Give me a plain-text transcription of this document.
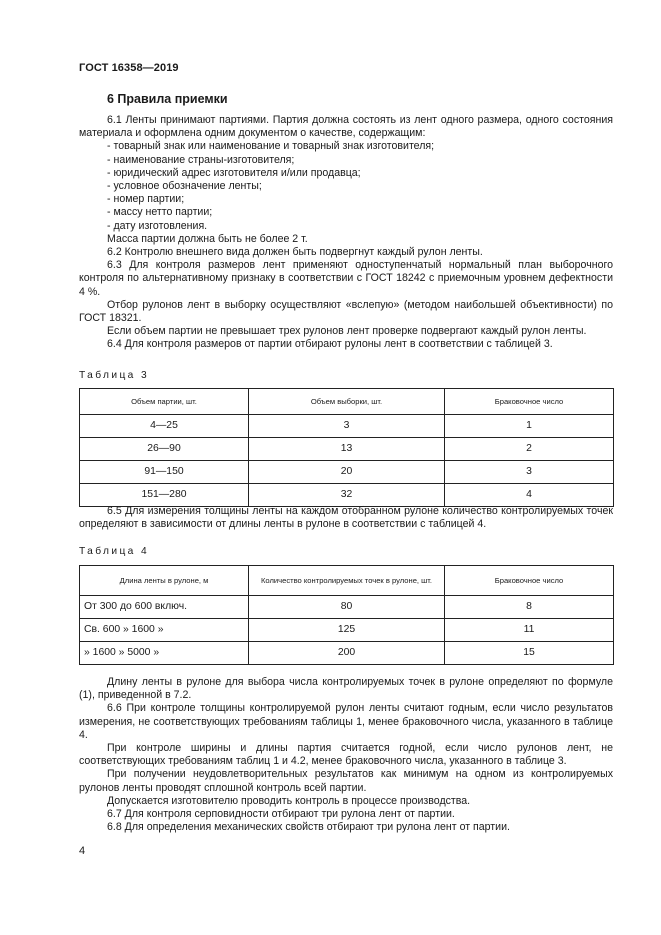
ГОСТ 16358—2019
6 Правила приемки

6.1 Ленты принимают партиями. Партия должна состоять из лент одного размера, одного состояния материала и оформлена одним документом о качестве, содержащим:

- товарный знак или наименование и товарный знак изготовителя;

- наименование страны-изготовителя;

- юридический адрес изготовителя и/или продавца;

- условное обозначение ленты;

- номер партии;

- массу нетто партии;

- дату изготовления.

Масса партии должна быть не более 2 т.

6.2 Контролю внешнего вида должен быть подвергнут каждый рулон ленты.

6.3 Для контроля размеров лент применяют одноступенчатый нормальный план выборочного контроля по альтернативному признаку в соответствии с ГОСТ 18242 с приемочным уровнем дефектности 4 %.

Отбор рулонов лент в выборку осуществляют «вслепую» (методом наибольшей объективности) по ГОСТ 18321.

Если объем партии не превышает трех рулонов лент проверке подвергают каждый рулон ленты.

6.4 Для контроля размеров от партии отбирают рулоны лент в соответствии с таблицей 3.

Таблица 3
Объем партии, шт.	Объем выборки, шт.	Браковочное число
4—25	3	1
26—90	13	2
91—150	20	3
151—280	32	4

6.5 Для измерения толщины ленты на каждом отобранном рулоне количество контролируемых точек определяют в зависимости от длины ленты в рулоне в соответствии с таблицей 4.

Таблица 4
Длина ленты в рулоне, м	Количество контролируемых точек в рулоне, шт.	Браковочное число
От 300 до 600 включ.	80	8
Св. 600 » 1600 »	125	11
» 1600 » 5000 »	200	15

Длину ленты в рулоне для выбора числа контролируемых точек в рулоне определяют по формуле (1), приведенной в 7.2.

6.6 При контроле толщины контролируемой рулон ленты считают годным, если число результатов измерения, не соответствующих требованиям таблицы 1, менее браковочного числа, указанного в таблице 4.

При контроле ширины и длины партия считается годной, если число рулонов лент, не соответствующих требованиям таблиц 1 и 4.2, менее браковочного числа, указанного в таблице 3.

При получении неудовлетворительных результатов как минимум на одном из контролируемых рулонов ленты проводят сплошной контроль всей партии.

Допускается изготовителю проводить контроль в процессе производства.

6.7 Для контроля серповидности отбирают три рулона лент от партии.

6.8 Для определения механических свойств отбирают три рулона лент от партии.

4
